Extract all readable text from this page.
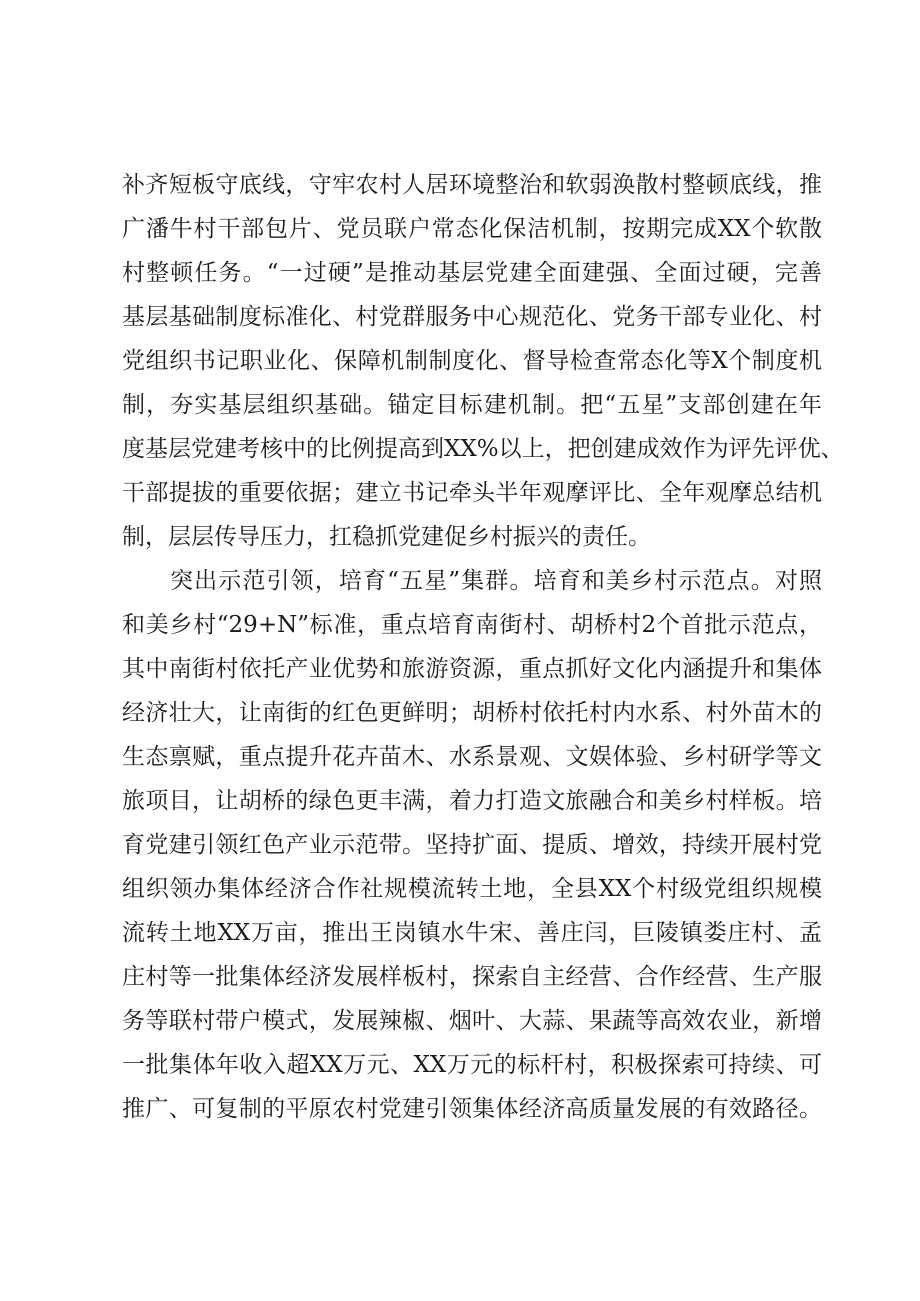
补齐短板守底线，守牢农村人居环境整治和软弱涣散村整顿底线，推
广潘牛村干部包片、党员联户常态化保洁机制，按期完成XX个软散
村整顿任务。“一过硬”是推动基层党建全面建强、全面过硬，完善
基层基础制度标准化、村党群服务中心规范化、党务干部专业化、村
党组织书记职业化、保障机制制度化、督导检查常态化等X个制度机
制，夯实基层组织基础。锚定目标建机制。把“五星”支部创建在年
度基层党建考核中的比例提高到XX%以上，把创建成效作为评先评优、
干部提拔的重要依据；建立书记牵头半年观摩评比、全年观摩总结机
制，层层传导压力，扛稳抓党建促乡村振兴的责任。
突出示范引领，培育“五星”集群。培育和美乡村示范点。对照
和美乡村“29+N”标准，重点培育南街村、胡桥村2个首批示范点，
其中南街村依托产业优势和旅游资源，重点抓好文化内涵提升和集体
经济壮大，让南街的红色更鲜明；胡桥村依托村内水系、村外苗木的
生态禀赋，重点提升花卉苗木、水系景观、文娱体验、乡村研学等文
旅项目，让胡桥的绿色更丰满，着力打造文旅融合和美乡村样板。培
育党建引领红色产业示范带。坚持扩面、提质、增效，持续开展村党
组织领办集体经济合作社规模流转土地，全县XX个村级党组织规模
流转土地XX万亩，推出王岗镇水牛宋、善庄闫，巨陵镇娄庄村、孟
庄村等一批集体经济发展样板村，探索自主经营、合作经营、生产服
务等联村带户模式，发展辣椒、烟叶、大蒜、果蔬等高效农业，新增
一批集体年收入超XX万元、XX万元的标杆村，积极探索可持续、可
推广、可复制的平原农村党建引领集体经济高质量发展的有效路径。
